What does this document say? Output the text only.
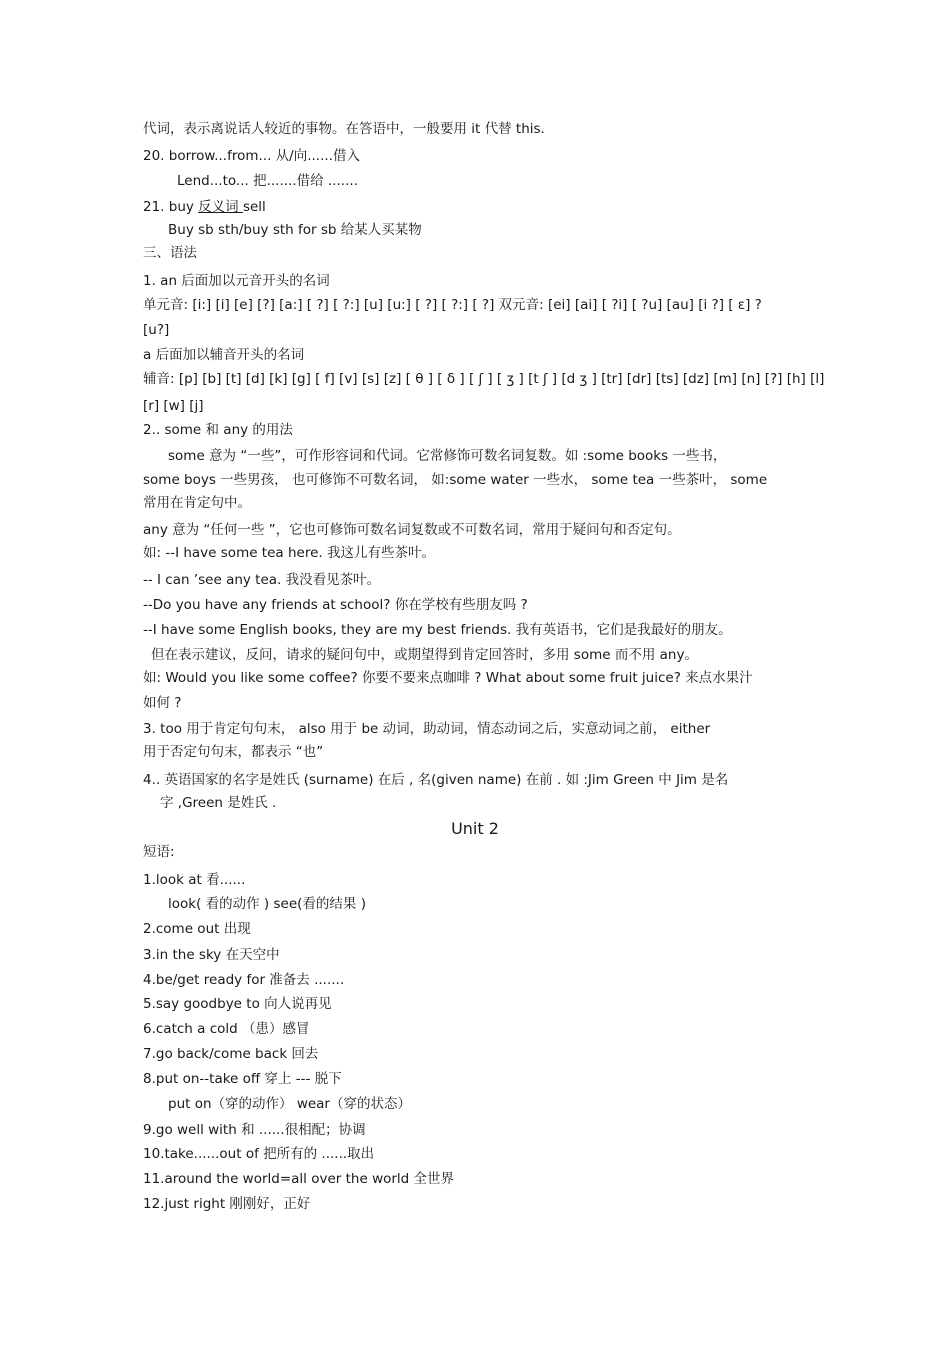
代词，表示离说话人较近的事物。在答语中，一般要用 it 代替 this.
20. borrow...from... 从/向......借入
Lend...to... 把.......借给 .......
21. buy 反义词 sell
Buy sb sth/buy sth for sb 给某人买某物
三、语法
1. an 后面加以元音开头的名词
单元音: [i:] [i] [e] [?] [a:] [ ?] [ ?:] [u] [u:] [ ?] [ ?:] [ ?] 双元音: [ei] [ai] [ ?i] [ ?u] [au] [i ?] [ ε] ?
[u?]
a 后面加以辅音开头的名词
辅音: [p] [b] [t] [d] [k] [g] [ f] [v] [s] [z] [ θ ] [ δ ] [ ʃ ] [ ʒ ] [t ʃ ] [d ʒ ] [tr] [dr] [ts] [dz] [m] [n] [?] [h] [l]
[r] [w] [j]
2.. some 和 any 的用法
some 意为 “一些”，可作形容词和代词。它常修饰可数名词复数。如 :some books 一些书，
some boys 一些男孩， 也可修饰不可数名词， 如:some water 一些水， some tea 一些茶叶， some
常用在肯定句中。
any 意为 “任何一些 ”，它也可修饰可数名词复数或不可数名词，常用于疑问句和否定句。
如: --I have some tea here. 我这儿有些茶叶。
-- I can ’see any tea. 我没看见茶叶。
--Do you have any friends at school? 你在学校有些朋友吗 ?
--I have some English books, they are my best friends. 我有英语书，它们是我最好的朋友。
但在表示建议，反问，请求的疑问句中，或期望得到肯定回答时，多用 some 而不用 any。
如: Would you like some coffee? 你要不要来点咖啡 ? What about some fruit juice? 来点水果汁
如何 ?
3. too 用于肯定句句末， also 用于 be 动词，助动词，情态动词之后，实意动词之前， either
用于否定句句末，都表示 “也”
4.. 英语国家的名字是姓氏 (surname) 在后 , 名(given name) 在前 . 如 :Jim Green 中 Jim 是名
字 ,Green 是姓氏 .
Unit 2
短语:
1.look at 看......
look( 看的动作 ) see(看的结果 )
2.come out 出现
3.in the sky 在天空中
4.be/get ready for 准备去 .......
5.say goodbye to 向人说再见
6.catch a cold （患）感冒
7.go back/come back 回去
8.put on--take off 穿上 --- 脱下
put on（穿的动作） wear（穿的状态）
9.go well with 和 ......很相配；协调
10.take......out of 把所有的 ......取出
11.around the world=all over the world 全世界
12.just right 刚刚好，正好
